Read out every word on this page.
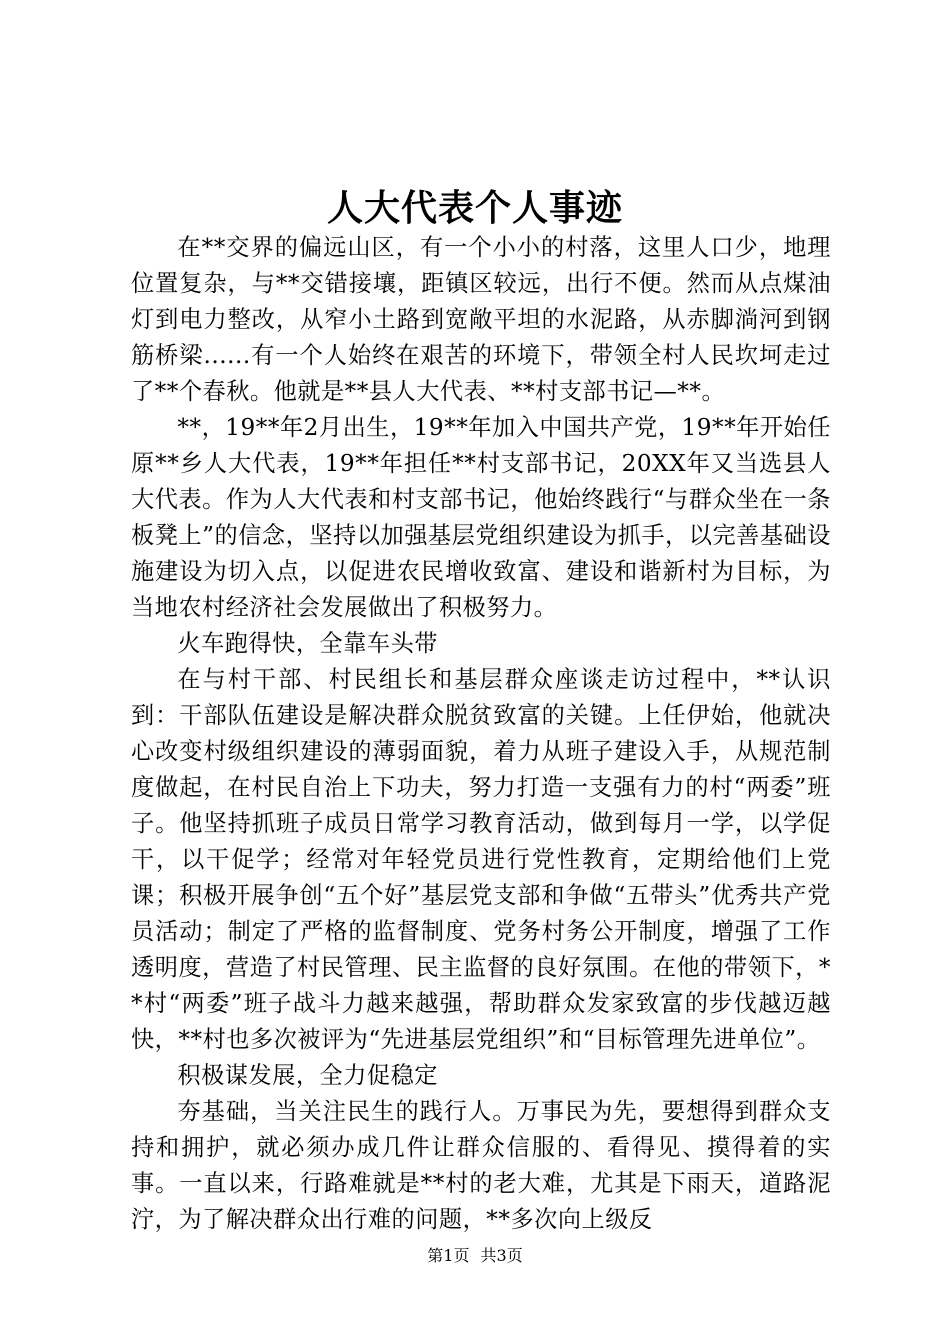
人大代表个人事迹

在**交界的偏远山区，有一个小小的村落，这里人口少，地理位置复杂，与**交错接壤，距镇区较远，出行不便。然而从点煤油灯到电力整改，从窄小土路到宽敞平坦的水泥路，从赤脚淌河到钢筋桥梁......有一个人始终在艰苦的环境下，带领全村人民坎坷走过了**个春秋。他就是**县人大代表、**村支部书记—**。

**，19**年2月出生，19**年加入中国共产党，19**年开始任原**乡人大代表，19**年担任**村支部书记，20XX年又当选县人大代表。作为人大代表和村支部书记，他始终践行“与群众坐在一条板凳上”的信念，坚持以加强基层党组织建设为抓手，以完善基础设施建设为切入点，以促进农民增收致富、建设和谐新村为目标，为当地农村经济社会发展做出了积极努力。

火车跑得快，全靠车头带

在与村干部、村民组长和基层群众座谈走访过程中，**认识到：干部队伍建设是解决群众脱贫致富的关键。上任伊始，他就决心改变村级组织建设的薄弱面貌，着力从班子建设入手，从规范制度做起，在村民自治上下功夫，努力打造一支强有力的村“两委”班子。他坚持抓班子成员日常学习教育活动，做到每月一学，以学促干，以干促学；经常对年轻党员进行党性教育，定期给他们上党课；积极开展争创“五个好”基层党支部和争做“五带头”优秀共产党员活动；制定了严格的监督制度、党务村务公开制度，增强了工作透明度，营造了村民管理、民主监督的良好氛围。在他的带领下，**村“两委”班子战斗力越来越强，帮助群众发家致富的步伐越迈越快，**村也多次被评为“先进基层党组织”和“目标管理先进单位”。

积极谋发展，全力促稳定

夯基础，当关注民生的践行人。万事民为先，要想得到群众支持和拥护，就必须办成几件让群众信服的、看得见、摸得着的实事。一直以来，行路难就是**村的老大难，尤其是下雨天，道路泥泞，为了解决群众出行难的问题，**多次向上级反

第1页 共3页
